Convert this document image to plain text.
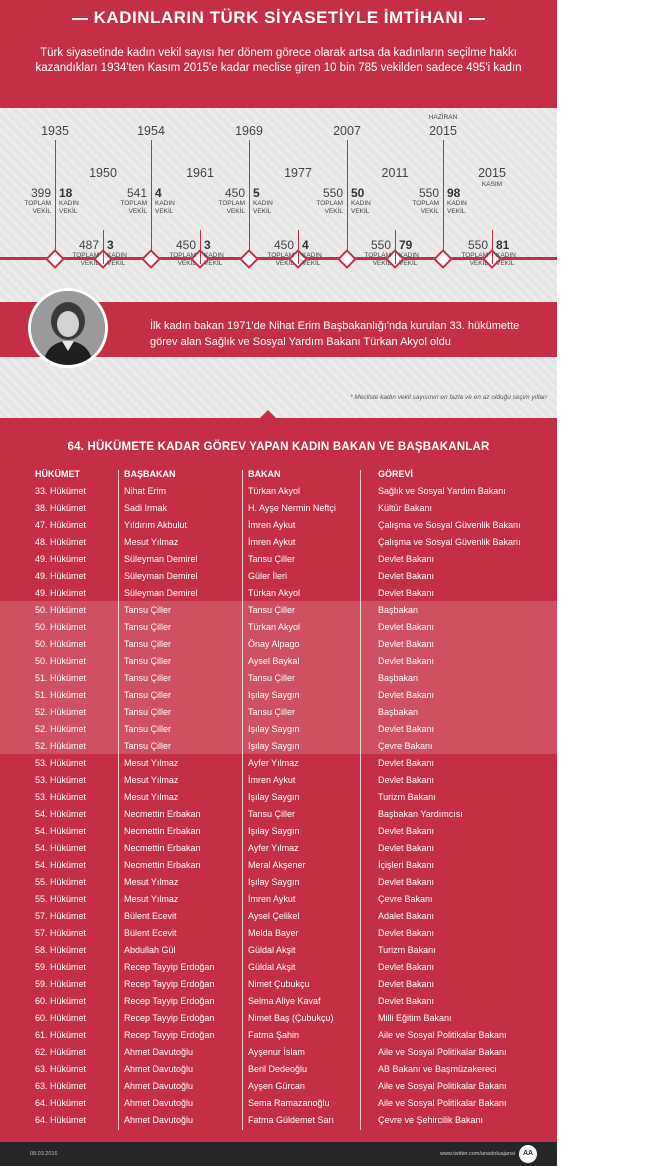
KADINLARIN TÜRK SİYASETİYLE İMTİHANI
Türk siyasetinde kadın vekil sayısı her dönem görece olarak artsa da kadınların seçilme hakkı kazandıkları 1934'ten Kasım 2015'e kadar meclise giren 10 bin 785 vekilden sadece 495'i kadın
1935
399
TOPLAM VEKİL
18
KADIN VEKİL
1950
487
TOPLAM VEKİL
3
KADIN VEKİL
1954
541
TOPLAM VEKİL
4
KADIN VEKİL
1961
450
TOPLAM VEKİL
3
KADIN VEKİL
1969
450
TOPLAM VEKİL
5
KADIN VEKİL
1977
450
TOPLAM VEKİL
4
KADIN VEKİL
2007
550
TOPLAM VEKİL
50
KADIN VEKİL
2011
550
TOPLAM VEKİL
79
KADIN VEKİL
2015
HAZİRAN
550
TOPLAM VEKİL
98
KADIN VEKİL
2015
KASIM
550
TOPLAM VEKİL
81
KADIN VEKİL
* Mecliste kadın vekil sayısının en fazla ve en az olduğu seçim yılları
İlk kadın bakan 1971'de Nihat Erim Başbakanlığı'nda kurulan 33. hükümette görev alan Sağlık ve Sosyal Yardım Bakanı Türkan Akyol oldu
64. HÜKÜMETE KADAR GÖREV YAPAN KADIN BAKAN VE BAŞBAKANLAR
HÜKÜMET	BAŞBAKAN	BAKAN	GÖREVİ
33. Hükümet	Nihat Erim	Türkan Akyol	Sağlık ve Sosyal Yardım Bakanı
38. Hükümet	Sadi Irmak	H. Ayşe Nermin Neftçi	Kültür Bakanı
47. Hükümet	Yıldırım Akbulut	İmren Aykut	Çalışma ve Sosyal Güvenlik Bakanı
48. Hükümet	Mesut Yılmaz	İmren Aykut	Çalışma ve Sosyal Güvenlik Bakanı
49. Hükümet	Süleyman Demirel	Tansu Çiller	Devlet Bakanı
49. Hükümet	Süleyman Demirel	Güler İleri	Devlet Bakanı
49. Hükümet	Süleyman Demirel	Türkan Akyol	Devlet Bakanı
50. Hükümet	Tansu Çiller	Tansu Çiller	Başbakan
50. Hükümet	Tansu Çiller	Türkan Akyol	Devlet Bakanı
50. Hükümet	Tansu Çiller	Önay Alpago	Devlet Bakanı
50. Hükümet	Tansu Çiller	Aysel Baykal	Devlet Bakanı
51. Hükümet	Tansu Çiller	Tansu Çiller	Başbakan
51. Hükümet	Tansu Çiller	Işılay Saygın	Devlet Bakanı
52. Hükümet	Tansu Çiller	Tansu Çiller	Başbakan
52. Hükümet	Tansu Çiller	Işılay Saygın	Devlet Bakanı
52. Hükümet	Tansu Çiller	Işılay Saygın	Çevre Bakanı
53. Hükümet	Mesut Yılmaz	Ayfer Yılmaz	Devlet Bakanı
53. Hükümet	Mesut Yılmaz	İmren Aykut	Devlet Bakanı
53. Hükümet	Mesut Yılmaz	Işılay Saygın	Turizm Bakanı
54. Hükümet	Necmettin Erbakan	Tansu Çiller	Başbakan Yardımcısı
54. Hükümet	Necmettin Erbakan	Işılay Saygın	Devlet Bakanı
54. Hükümet	Necmettin Erbakan	Ayfer Yılmaz	Devlet Bakanı
54. Hükümet	Necmettin Erbakan	Meral Akşener	İçişleri Bakanı
55. Hükümet	Mesut Yılmaz	Işılay Saygın	Devlet Bakanı
55. Hükümet	Mesut Yılmaz	İmren Aykut	Çevre Bakanı
57. Hükümet	Bülent Ecevit	Aysel Çelikel	Adalet Bakanı
57. Hükümet	Bülent Ecevit	Melda Bayer	Devlet Bakanı
58. Hükümet	Abdullah Gül	Güldal Akşit	Turizm Bakanı
59. Hükümet	Recep Tayyip Erdoğan	Güldal Akşit	Devlet Bakanı
59. Hükümet	Recep Tayyip Erdoğan	Nimet Çubukçu	Devlet Bakanı
60. Hükümet	Recep Tayyip Erdoğan	Selma Aliye Kavaf	Devlet Bakanı
60. Hükümet	Recep Tayyip Erdoğan	Nimet Baş (Çubukçu)	Milli Eğitim Bakanı
61. Hükümet	Recep Tayyip Erdoğan	Fatma Şahin	Aile ve Sosyal Politikalar Bakanı
62. Hükümet	Ahmet Davutoğlu	Ayşenur İslam	Aile ve Sosyal Politikalar Bakanı
63. Hükümet	Ahmet Davutoğlu	Beril Dedeoğlu	AB Bakanı ve Başmüzakereci
63. Hükümet	Ahmet Davutoğlu	Ayşen Gürcan	Aile ve Sosyal Politikalar Bakanı
64. Hükümet	Ahmet Davutoğlu	Sema Ramazanoğlu	Aile ve Sosyal Politikalar Bakanı
64. Hükümet	Ahmet Davutoğlu	Fatma Güldemet Sarı	Çevre ve Şehircilik Bakanı
08.03.2016	www.twitter.com/anadoluajansi	AA
